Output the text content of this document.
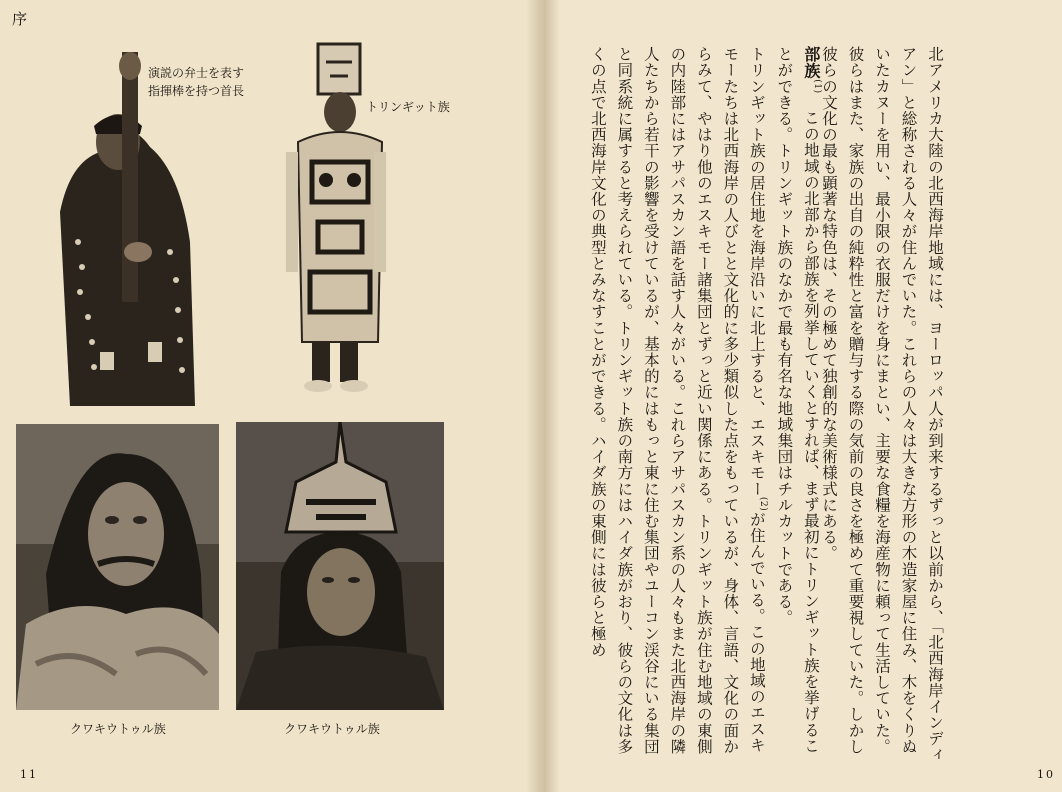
序
演説の弁士を表す
指揮棒を持つ首長
トリンギット族
クワキウトゥル族	クワキウトゥル族
11
北アメリカ大陸の北西海岸地域には、ヨーロッパ人が到来するずっと以前から、「北西海岸インディアン」と総称される人々が住んでいた。これらの人々は大きな方形の木造家屋に住み、木をくりぬいたカヌーを用い、最小限の衣服だけを身にまとい、主要な食糧を海産物に頼って生活していた。彼らはまた、家族の出自の純粋性と富を贈与する際の気前の良さを極めて重要視していた。しかし彼らの文化の最も顕著な特色は、その極めて独創的な美術様式にある。
部族$^{(1)}$　この地域の北部から部族を列挙していくとすれば、まず最初にトリンギット族を挙げることができる。トリンギット族のなかで最も有名な地域集団はチルカットである。
トリンギット族の居住地を海岸沿いに北上すると、エスキモー$^{(2)}$が住んでいる。この地域のエスキモーたちは北西海岸の人びとと文化的に多少類似した点をもっているが、身体、言語、文化の面からみて、やはり他のエスキモー諸集団とずっと近い関係にある。トリンギット族が住む地域の東側の内陸部にはアサパスカン語を話す人々がいる。これらアサパスカン系の人々もまた北西海岸の隣人たちから若干の影響を受けているが、基本的にはもっと東に住む集団やユーコン渓谷にいる集団と同系統に属すると考えられている。トリンギット族の南方にはハイダ族がおり、彼らの文化は多くの点で北西海岸文化の典型とみなすことができる。ハイダ族の東側には彼らと極め
10
